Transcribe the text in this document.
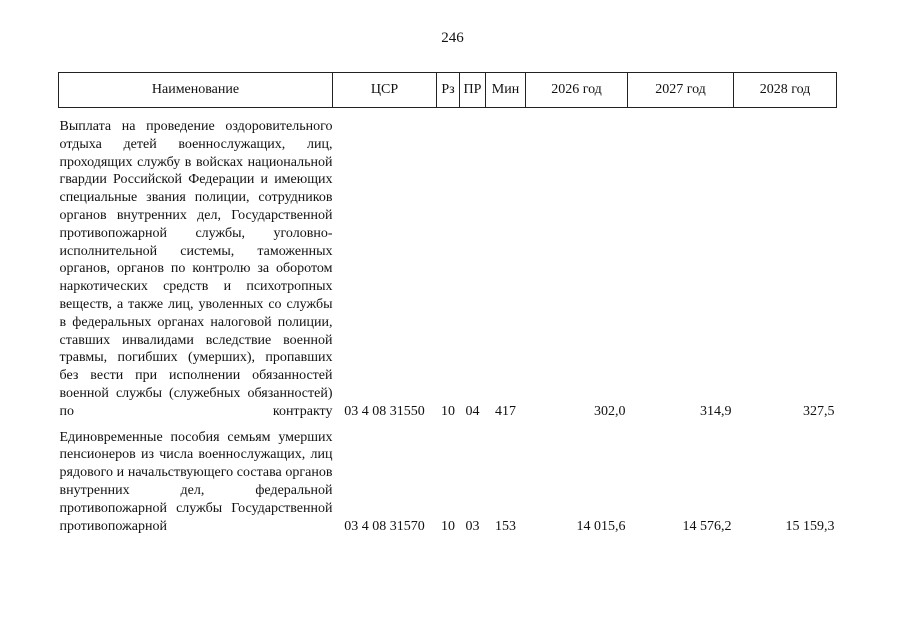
246
Наименование	ЦСР	Рз	ПР	Мин	2026 год	2027 год	2028 год
Выплата на проведение оздоровительного отдыха детей военнослужащих, лиц, проходящих службу в войсках национальной гвардии Российской Федерации и имеющих специальные звания полиции, сотрудников органов внутренних дел, Государственной противопожарной службы, уголовно-исполнительной системы, таможенных органов, органов по контролю за оборотом наркотических средств и психотропных веществ, а также лиц, уволенных со службы в федеральных органах налоговой полиции, ставших инвалидами вследствие военной травмы, погибших (умерших), пропавших без вести при исполнении обязанностей военной службы (служебных обязанностей) по контракту	03 4 08 31550	10	04	417	302,0	314,9	327,5
Единовременные пособия семьям умерших пенсионеров из числа военнослужащих, лиц рядового и начальствующего состава органов внутренних дел, федеральной противопожарной службы Государственной противопожарной	03 4 08 31570	10	03	153	14 015,6	14 576,2	15 159,3
